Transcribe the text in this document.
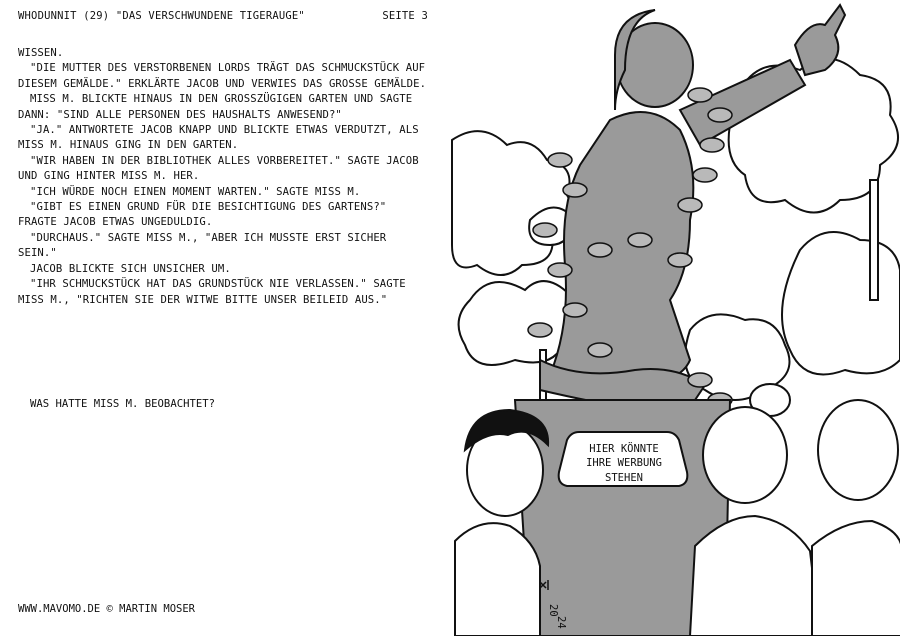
WHODUNNIT (29) "DAS VERSCHWUNDENE TIGERAUGE"	SEITE 3

WISSEN.

"DIE MUTTER DES VERSTORBENEN LORDS TRÄGT DAS SCHMUCKSTÜCK AUF DIESEM GEMÄLDE." ERKLÄRTE JACOB UND VERWIES DAS GROSSE GEMÄLDE.

MISS M. BLICKTE HINAUS IN DEN GROSSZÜGIGEN GARTEN UND SAGTE DANN: "SIND ALLE PERSONEN DES HAUSHALTS ANWESEND?"

"JA." ANTWORTETE JACOB KNAPP UND BLICKTE ETWAS VERDUTZT, ALS MISS M. HINAUS GING IN DEN GARTEN.

"WIR HABEN IN DER BIBLIOTHEK ALLES VORBEREITET." SAGTE JACOB UND GING HINTER MISS M. HER.

"ICH WÜRDE NOCH EINEN MOMENT WARTEN." SAGTE MISS M.

"GIBT ES EINEN GRUND FÜR DIE BESICHTIGUNG DES GARTENS?" FRAGTE JACOB ETWAS UNGEDULDIG.

"DURCHAUS." SAGTE MISS M., "ABER ICH MUSSTE ERST SICHER SEIN."

JACOB BLICKTE SICH UNSICHER UM.

"IHR SCHMUCKSTÜCK HAT DAS GRUNDSTÜCK NIE VERLASSEN." SAGTE MISS M., "RICHTEN SIE DER WITWE BITTE UNSER BEILEID AUS."

WAS HATTE MISS M. BEOBACHTET?
WWW.MAVOMO.DE © MARTIN MOSER
HIER KÖNNTE
IHRE WERBUNG
STEHEN
20
24
